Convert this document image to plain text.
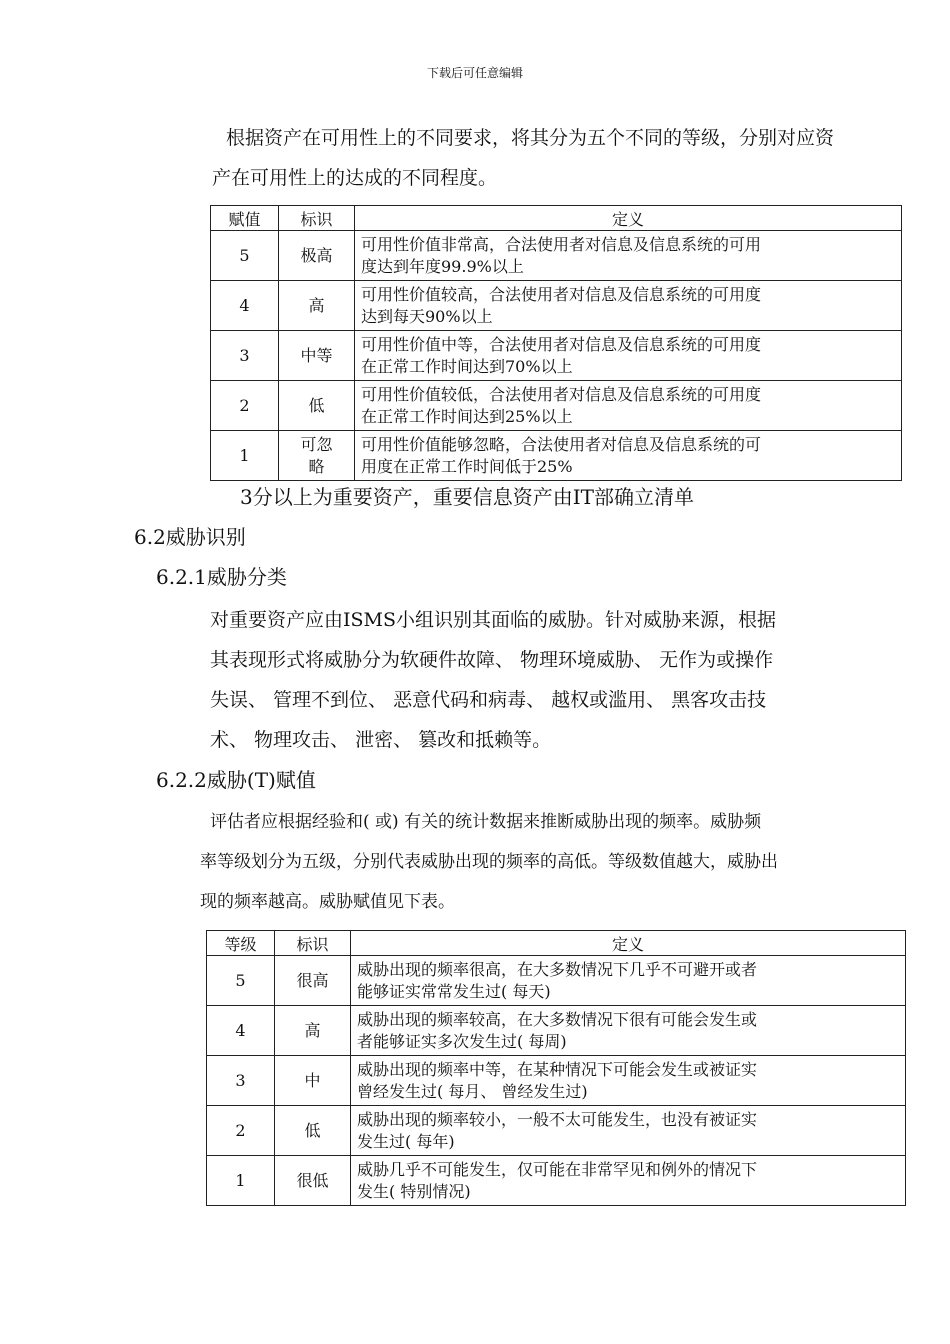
下载后可任意编辑
根据资产在可用性上的不同要求，将其分为五个不同的等级，分别对应资
产在可用性上的达成的不同程度。
赋值	标识	定义
5	极高	可用性价值非常高，合法使用者对信息及信息系统的可用
度达到年度99.9%以上
4	高	可用性价值较高，合法使用者对信息及信息系统的可用度
达到每天90%以上
3	中等	可用性价值中等，合法使用者对信息及信息系统的可用度
在正常工作时间达到70%以上
2	低	可用性价值较低，合法使用者对信息及信息系统的可用度
在正常工作时间达到25%以上
1	可忽略	可用性价值能够忽略，合法使用者对信息及信息系统的可
用度在正常工作时间低于25%
3分以上为重要资产，重要信息资产由IT部确立清单
6.2威胁识别
6.2.1威胁分类
对重要资产应由ISMS小组识别其面临的威胁。针对威胁来源，根据
其表现形式将威胁分为软硬件故障、 物理环境威胁、 无作为或操作
失误、 管理不到位、 恶意代码和病毒、 越权或滥用、 黑客攻击技
术、 物理攻击、 泄密、 篡改和抵赖等。
6.2.2威胁(T)赋值
评估者应根据经验和( 或) 有关的统计数据来推断威胁出现的频率。威胁频
率等级划分为五级，分别代表威胁出现的频率的高低。等级数值越大，威胁出
现的频率越高。威胁赋值见下表。
等级	标识	定义
5	很高	威胁出现的频率很高，在大多数情况下几乎不可避开或者
能够证实常常发生过( 每天)
4	高	威胁出现的频率较高，在大多数情况下很有可能会发生或
者能够证实多次发生过( 每周)
3	中	威胁出现的频率中等，在某种情况下可能会发生或被证实
曾经发生过( 每月、 曾经发生过)
2	低	威胁出现的频率较小，一般不太可能发生，也没有被证实
发生过( 每年)
1	很低	威胁几乎不可能发生，仅可能在非常罕见和例外的情况下
发生( 特别情况)
